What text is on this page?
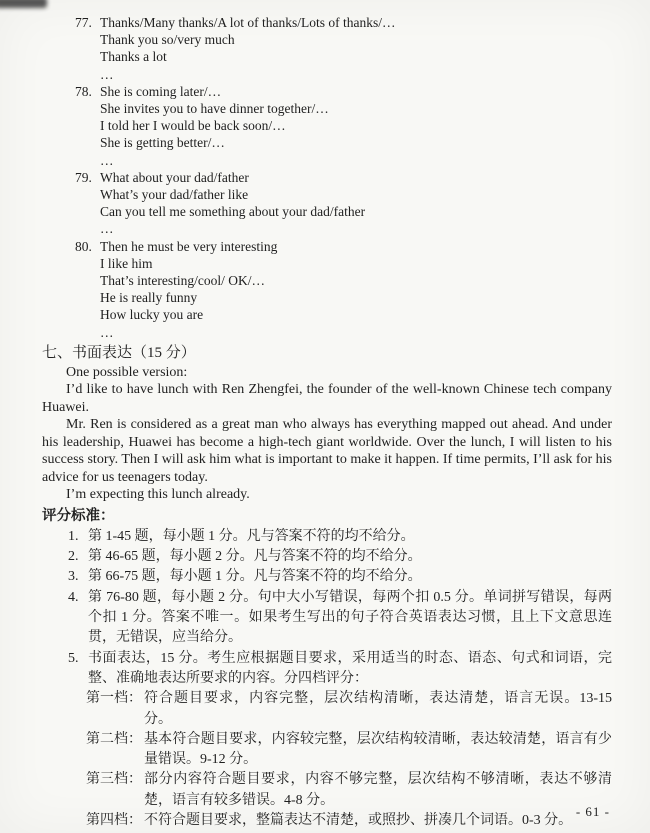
77. Thanks/Many thanks/A lot of thanks/Lots of thanks/…
Thank you so/very much
Thanks a lot
…
78. She is coming later/…
She invites you to have dinner together/…
I told her I would be back soon/…
She is getting better/…
…
79. What about your dad/father
What’s your dad/father like
Can you tell me something about your dad/father
…
80. Then he must be very interesting
I like him
That’s interesting/cool/ OK/…
He is really funny
How lucky you are
…
七、书面表达（15 分）

One possible version:

I’d like to have lunch with Ren Zhengfei, the founder of the well-known Chinese tech company Huawei.

Mr. Ren is considered as a great man who always has everything mapped out ahead. And under his leadership, Huawei has become a high-tech giant worldwide. Over the lunch, I will listen to his success story. Then I will ask him what is important to make it happen. If time permits, I’ll ask for his advice for us teenagers today.

I’m expecting this lunch already.

评分标准：
1. 第 1-45 题，每小题 1 分。凡与答案不符的均不给分。
2. 第 46-65 题，每小题 2 分。凡与答案不符的均不给分。
3. 第 66-75 题，每小题 1 分。凡与答案不符的均不给分。
4. 第 76-80 题，每小题 2 分。句中大小写错误，每两个扣 0.5 分。单词拼写错误，每两个扣 1 分。答案不唯一。如果考生写出的句子符合英语表达习惯，且上下文意思连贯，无错误，应当给分。
5. 书面表达，15 分。考生应根据题目要求，采用适当的时态、语态、句式和词语，完整、准确地表达所要求的内容。分四档评分：
第一档： 符合题目要求，内容完整，层次结构清晰，表达清楚，语言无误。13-15 分。
第二档： 基本符合题目要求，内容较完整，层次结构较清晰，表达较清楚，语言有少量错误。9-12 分。
第三档： 部分内容符合题目要求，内容不够完整，层次结构不够清晰，表达不够清楚，语言有较多错误。4-8 分。
第四档： 不符合题目要求，整篇表达不清楚，或照抄、拼凑几个词语。0-3 分。
- 61 -
